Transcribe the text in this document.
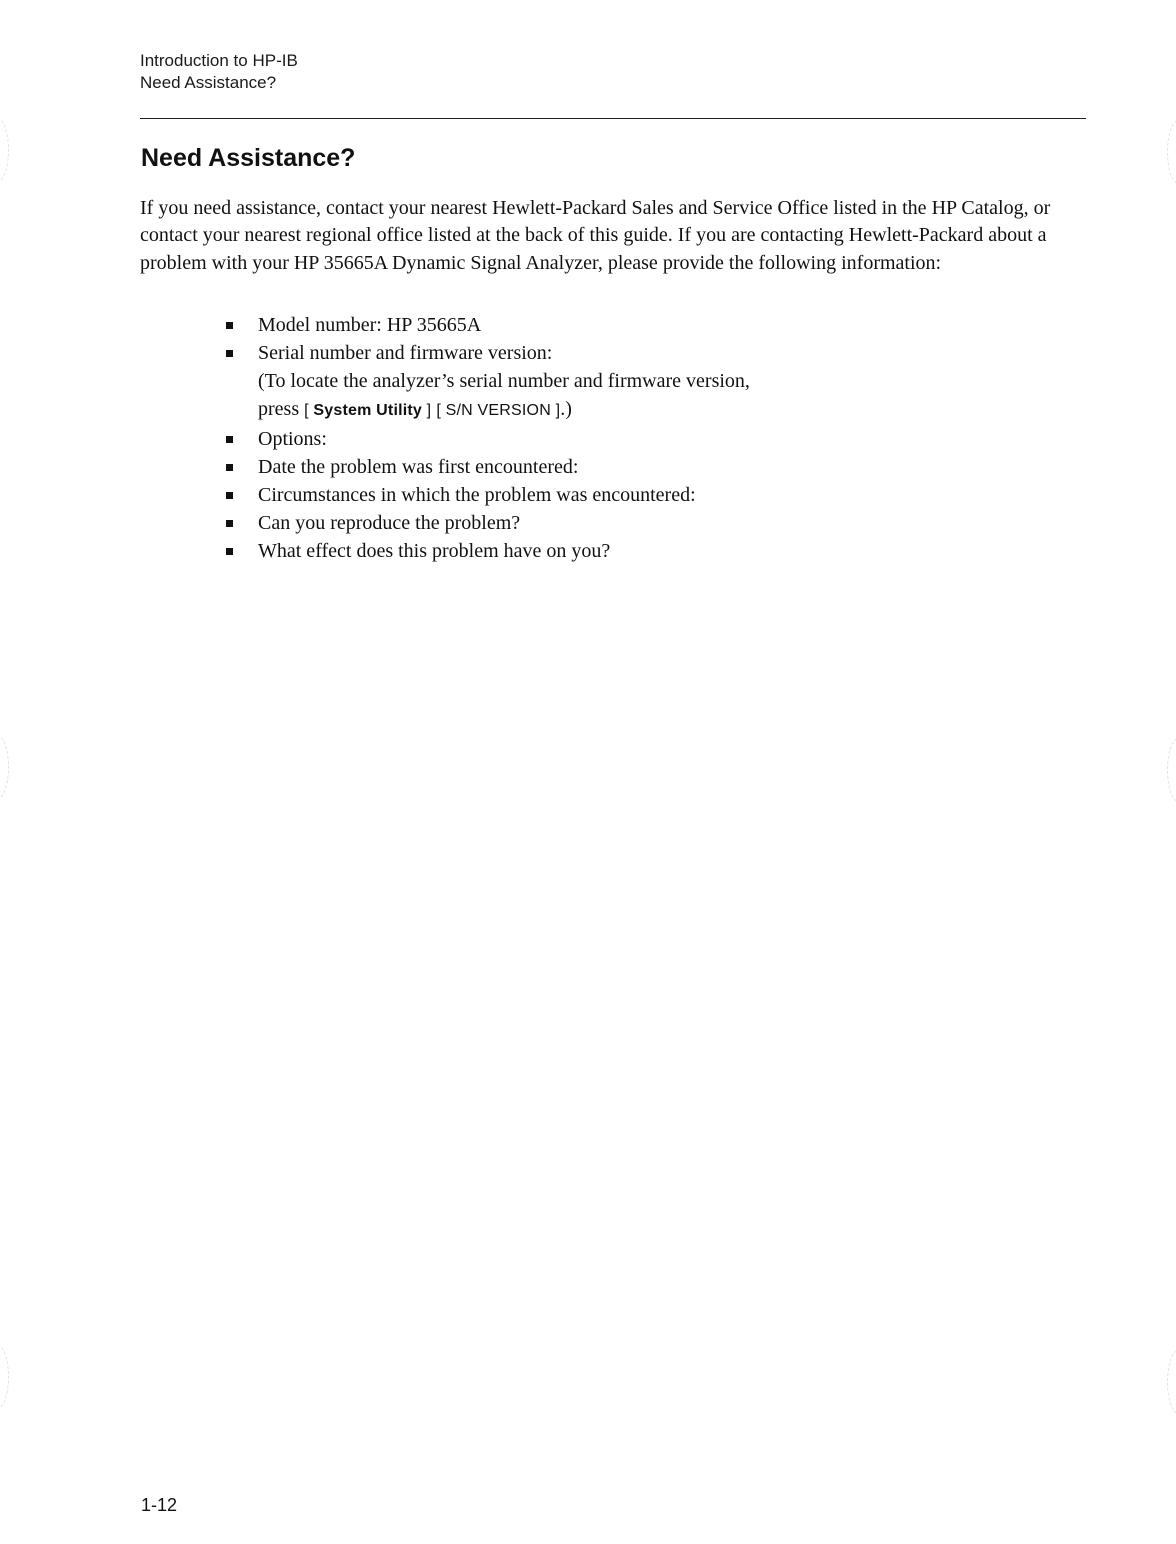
Introduction to HP-IB
Need Assistance?
Need Assistance?

If you need assistance, contact your nearest Hewlett-Packard Sales and Service Office listed in the HP Catalog, or contact your nearest regional office listed at the back of this guide. If you are contacting Hewlett-Packard about a problem with your HP 35665A Dynamic Signal Analyzer, please provide the following information:

Model number: HP 35665A
Serial number and firmware version:
(To locate the analyzer’s serial number and firmware version,
press [ System Utility ] [ S/N VERSION ].)
Options:
Date the problem was first encountered:
Circumstances in which the problem was encountered:
Can you reproduce the problem?
What effect does this problem have on you?
1-12
